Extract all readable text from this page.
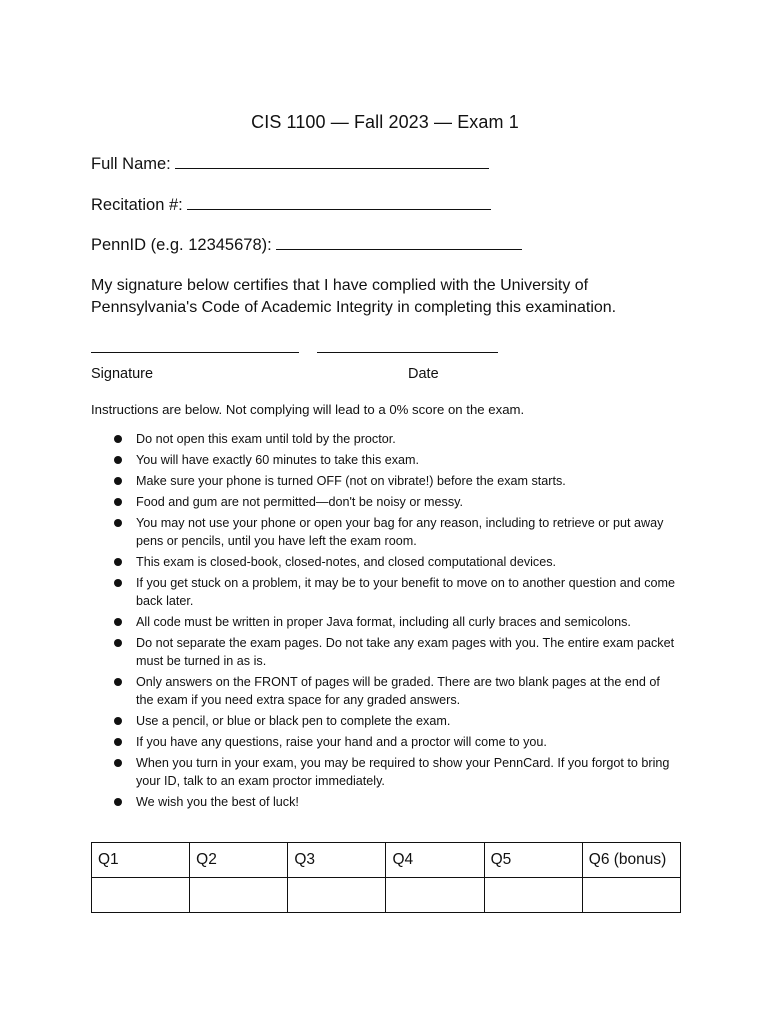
CIS 1100 — Fall 2023 — Exam 1
Full Name:
Recitation #:
PennID (e.g. 12345678):
My signature below certifies that I have complied with the University of Pennsylvania's Code of Academic Integrity in completing this examination.
Signature	Date
Instructions are below. Not complying will lead to a 0% score on the exam.
Do not open this exam until told by the proctor.
You will have exactly 60 minutes to take this exam.
Make sure your phone is turned OFF (not on vibrate!) before the exam starts.
Food and gum are not permitted—don't be noisy or messy.
You may not use your phone or open your bag for any reason, including to retrieve or put away pens or pencils, until you have left the exam room.
This exam is closed-book, closed-notes, and closed computational devices.
If you get stuck on a problem, it may be to your benefit to move on to another question and come back later.
All code must be written in proper Java format, including all curly braces and semicolons.
Do not separate the exam pages. Do not take any exam pages with you. The entire exam packet must be turned in as is.
Only answers on the FRONT of pages will be graded. There are two blank pages at the end of the exam if you need extra space for any graded answers.
Use a pencil, or blue or black pen to complete the exam.
If you have any questions, raise your hand and a proctor will come to you.
When you turn in your exam, you may be required to show your PennCard. If you forgot to bring your ID, talk to an exam proctor immediately.
We wish you the best of luck!
Q1	Q2	Q3	Q4	Q5	Q6 (bonus)
